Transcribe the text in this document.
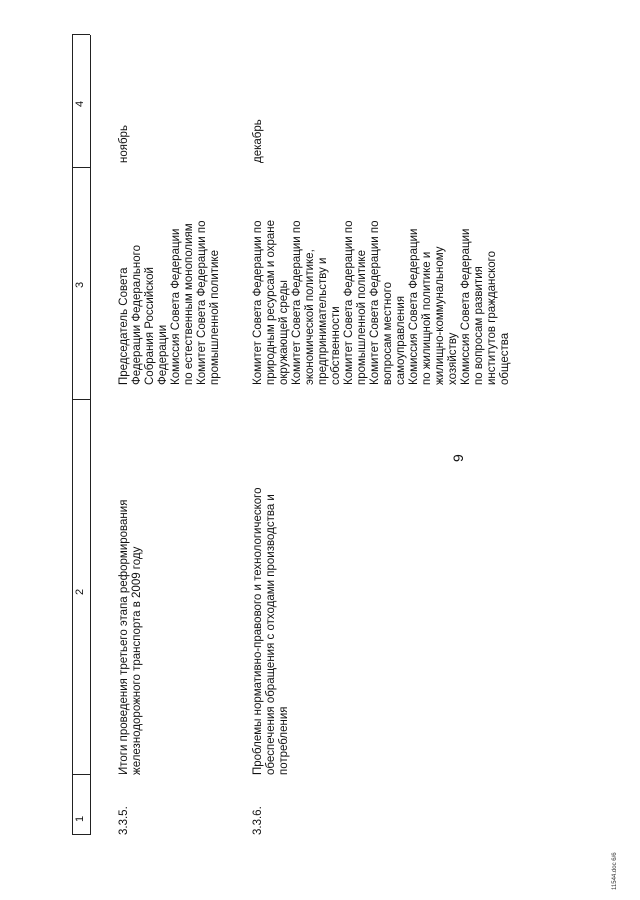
9
1
2
3
4
3.3.5.
Итоги проведения третьего этапа реформирования
железнодорожного транспорта в 2009 году
Председатель Совета
Федерации Федерального
Собрания Российской
Федерации
Комиссия Совета Федерации
по естественным монополиям
Комитет Совета Федерации по
промышленной политике
ноябрь
3.3.6.
Проблемы нормативно-правового и технологического
обеспечения обращения с отходами производства и
потребления
Комитет Совета Федерации по
природным ресурсам и охране
окружающей среды
Комитет Совета Федерации по
экономической политике,
предпринимательству и
собственности
Комитет Совета Федерации по
промышленной политике
Комитет Совета Федерации по
вопросам местного
самоуправления
Комиссия Совета Федерации
по жилищной политике и
жилищно-коммунальному
хозяйству
Комиссия Совета Федерации
по вопросам развития
институтов гражданского
общества
декабрь
11544.doc 6/6
